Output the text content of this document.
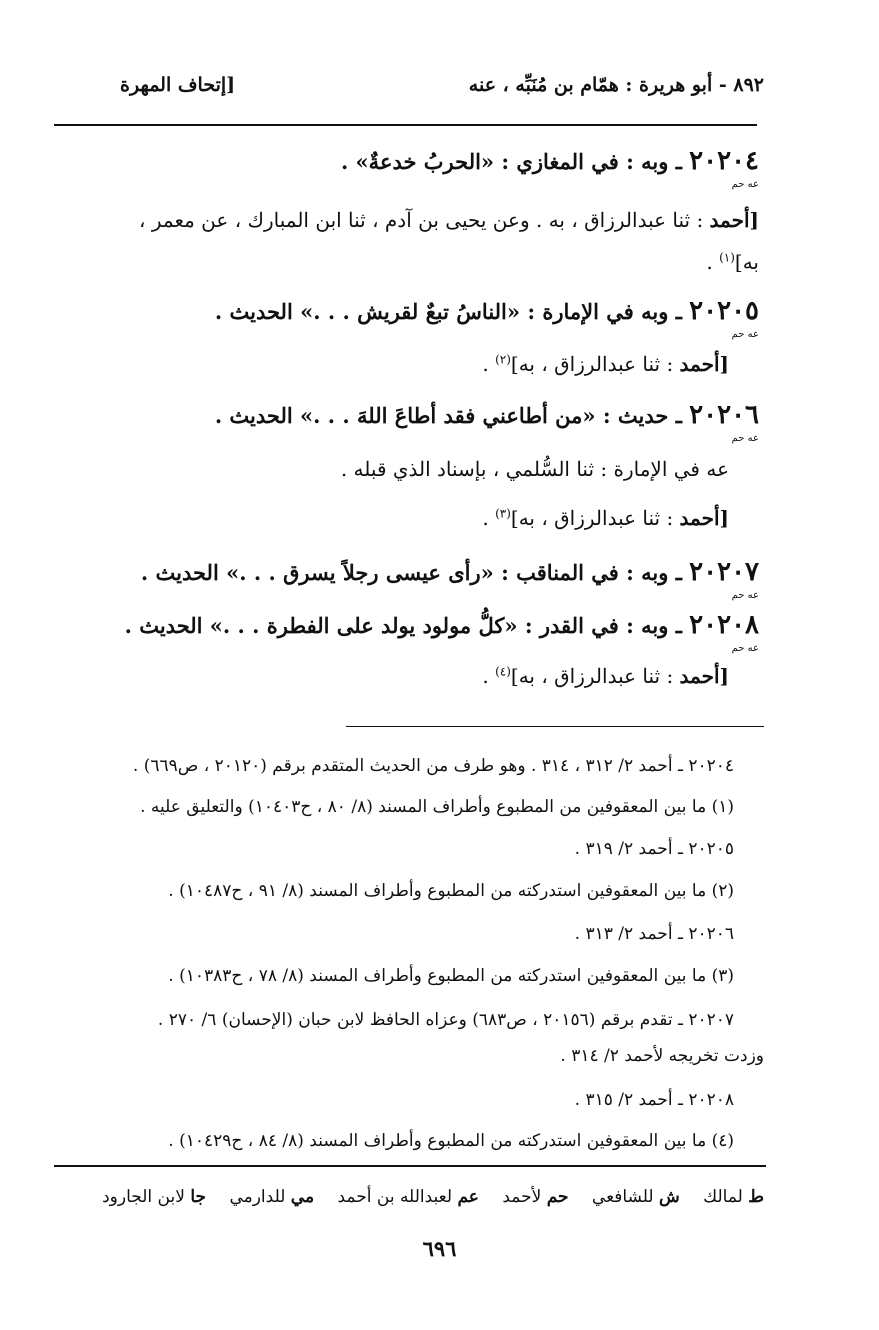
٨٩٢ - أبو هريرة : همّام بن مُنَبِّه ، عنه
[إتحاف المهرة
٢٠٢٠٤
عه حم
ـ وبه : في المغازي : «الحربُ خدعةٌ» .
[أحمد : ثنا عبدالرزاق ، به . وعن يحيى بن آدم ، ثنا ابن المبارك ، عن معمر ،
به]$^{(١)}$ .
٢٠٢٠٥
عه حم
ـ وبه في الإمارة : «الناسُ تبعٌ لقريش . . .» الحديث .
[أحمد : ثنا عبدالرزاق ، به]$^{(٢)}$ .
٢٠٢٠٦
عه حم
ـ حديث : «من أطاعني فقد أطاعَ اللهَ . . .» الحديث .
عه في الإمارة : ثنا السُّلمي ، بإسناد الذي قبله .
[أحمد : ثنا عبدالرزاق ، به]$^{(٣)}$ .
٢٠٢٠٧
عه حم
ـ وبه : في المناقب : «رأى عيسى رجلاً يسرق . . .» الحديث .
٢٠٢٠٨
عه حم
ـ وبه : في القدر : «كلُّ مولود يولد على الفطرة . . .» الحديث .
[أحمد : ثنا عبدالرزاق ، به]$^{(٤)}$ .
٢٠٢٠٤ ـ أحمد ٢/ ٣١٢ ، ٣١٤ . وهو طرف من الحديث المتقدم برقم (٢٠١٢٠ ، ص٦٦٩) .
(١) ما بين المعقوفين من المطبوع وأطراف المسند (٨/ ٨٠ ، ح١٠٤٠٣) والتعليق عليه .
٢٠٢٠٥ ـ أحمد ٢/ ٣١٩ .
(٢) ما بين المعقوفين استدركته من المطبوع وأطراف المسند (٨/ ٩١ ، ح١٠٤٨٧) .
٢٠٢٠٦ ـ أحمد ٢/ ٣١٣ .
(٣) ما بين المعقوفين استدركته من المطبوع وأطراف المسند (٨/ ٧٨ ، ح١٠٣٨٣) .
٢٠٢٠٧ ـ تقدم برقم (٢٠١٥٦ ، ص٦٨٣) وعزاه الحافظ لابن حبان (الإحسان) ٦/ ٢٧٠ .
وزدت تخريجه لأحمد ٢/ ٣١٤ .
٢٠٢٠٨ ـ أحمد ٢/ ٣١٥ .
(٤) ما بين المعقوفين استدركته من المطبوع وأطراف المسند (٨/ ٨٤ ، ح١٠٤٢٩) .
ط لمالك ش للشافعي حم لأحمد عم لعبدالله بن أحمد مي للدارمي جا لابن الجارود
٦٩٦
